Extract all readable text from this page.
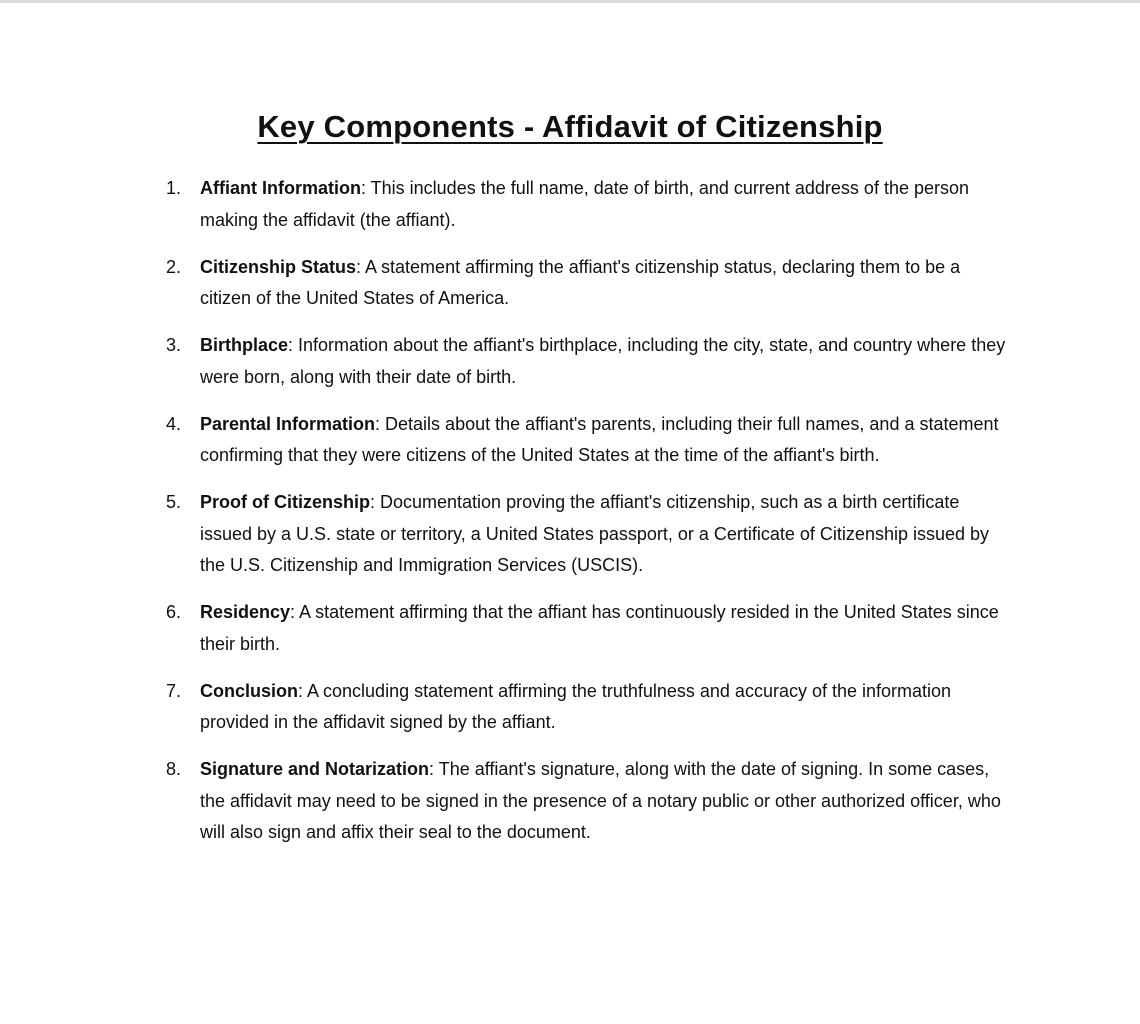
Key Components - Affidavit of Citizenship
1. Affiant Information: This includes the full name, date of birth, and current address of the person making the affidavit (the affiant).
2. Citizenship Status: A statement affirming the affiant's citizenship status, declaring them to be a citizen of the United States of America.
3. Birthplace: Information about the affiant's birthplace, including the city, state, and country where they were born, along with their date of birth.
4. Parental Information: Details about the affiant's parents, including their full names, and a statement confirming that they were citizens of the United States at the time of the affiant's birth.
5. Proof of Citizenship: Documentation proving the affiant's citizenship, such as a birth certificate issued by a U.S. state or territory, a United States passport, or a Certificate of Citizenship issued by the U.S. Citizenship and Immigration Services (USCIS).
6. Residency: A statement affirming that the affiant has continuously resided in the United States since their birth.
7. Conclusion: A concluding statement affirming the truthfulness and accuracy of the information provided in the affidavit signed by the affiant.
8. Signature and Notarization: The affiant's signature, along with the date of signing. In some cases, the affidavit may need to be signed in the presence of a notary public or other authorized officer, who will also sign and affix their seal to the document.
